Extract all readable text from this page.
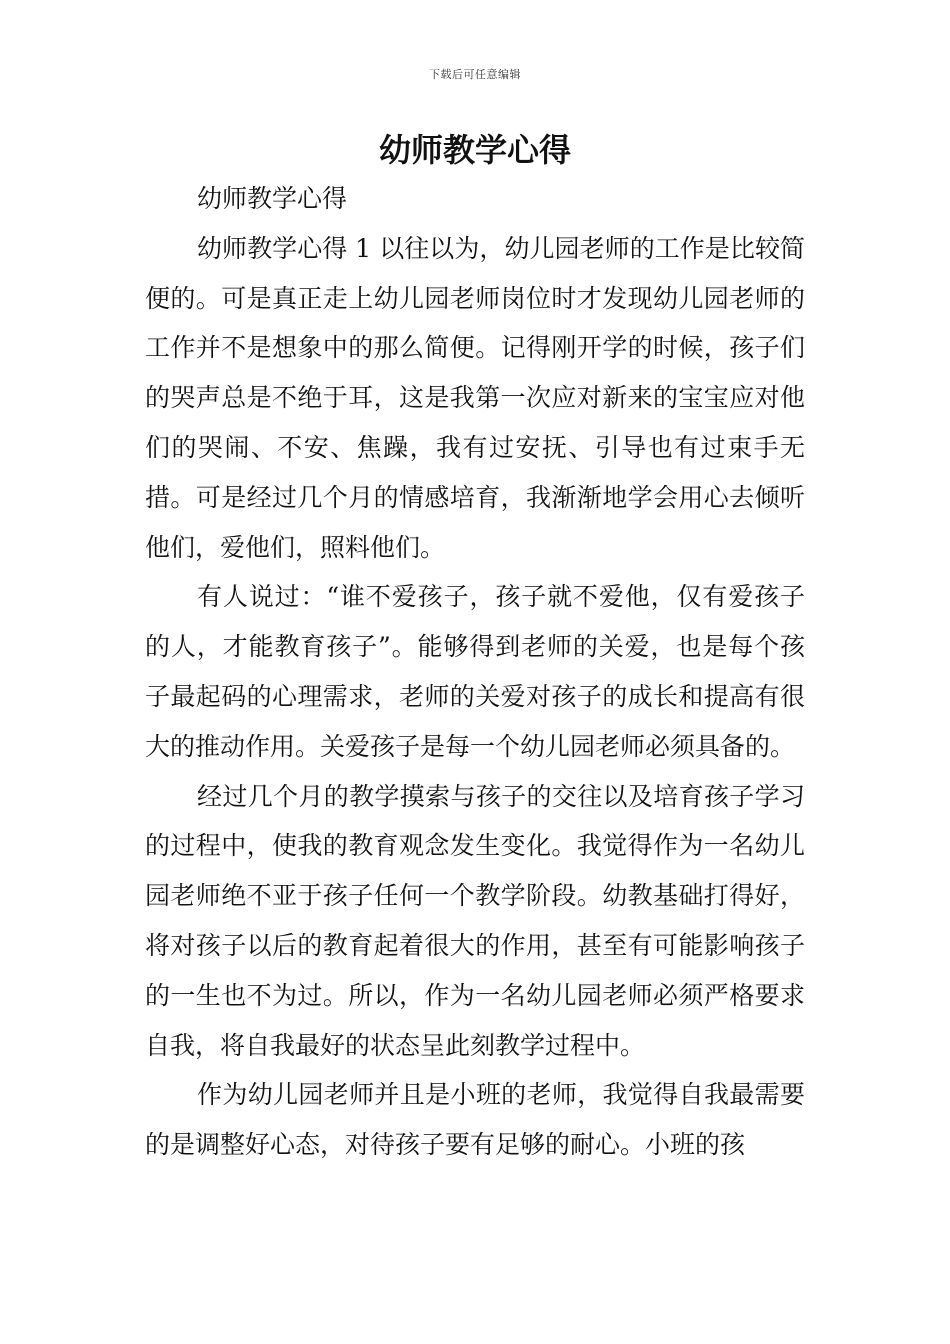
下载后可任意编辑
幼师教学心得

幼师教学心得

幼师教学心得 1 以往以为，幼儿园老师的工作是比较简便的。可是真正走上幼儿园老师岗位时才发现幼儿园老师的工作并不是想象中的那么简便。记得刚开学的时候，孩子们的哭声总是不绝于耳，这是我第一次应对新来的宝宝应对他们的哭闹、不安、焦躁，我有过安抚、引导也有过束手无措。可是经过几个月的情感培育，我渐渐地学会用心去倾听他们，爱他们，照料他们。

有人说过：“谁不爱孩子，孩子就不爱他，仅有爱孩子的人，才能教育孩子”。能够得到老师的关爱，也是每个孩子最起码的心理需求，老师的关爱对孩子的成长和提高有很大的推动作用。关爱孩子是每一个幼儿园老师必须具备的。

经过几个月的教学摸索与孩子的交往以及培育孩子学习的过程中，使我的教育观念发生变化。我觉得作为一名幼儿园老师绝不亚于孩子任何一个教学阶段。幼教基础打得好，将对孩子以后的教育起着很大的作用，甚至有可能影响孩子的一生也不为过。所以，作为一名幼儿园老师必须严格要求自我，将自我最好的状态呈此刻教学过程中。

作为幼儿园老师并且是小班的老师，我觉得自我最需要的是调整好心态，对待孩子要有足够的耐心。小班的孩
